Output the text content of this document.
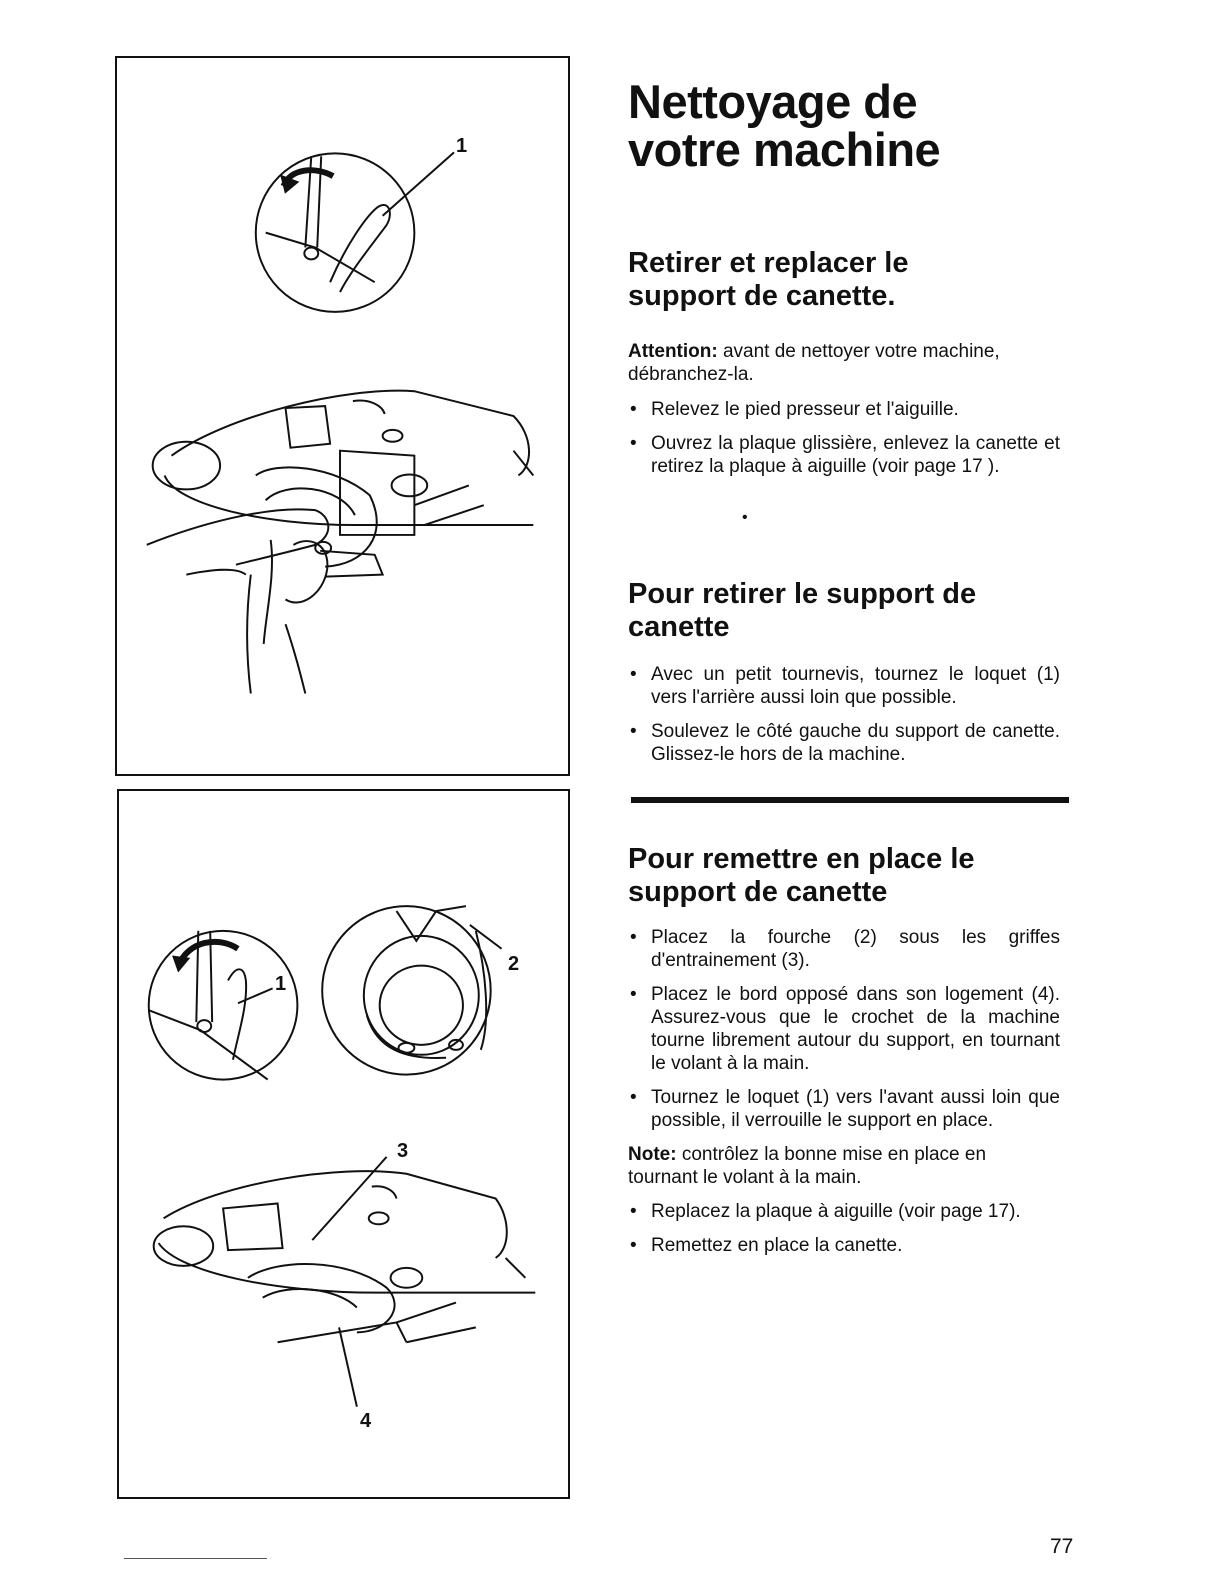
1
1
2
3
4
Nettoyage de
votre machine
Retirer et replacer le
support de canette.

Attention: avant de nettoyer votre machine, débranchez-la.

• Relevez le pied presseur et l'aiguille.
• Ouvrez la plaque glissière, enlevez la canette et retirez la plaque à aiguille (voir page 17 ).
•
Pour retirer le support de
canette
• Avec un petit tournevis, tournez le loquet (1) vers l'arrière aussi loin que possible.
• Soulevez le côté gauche du support de canette. Glissez-le hors de la machine.
Pour remettre en place le
support de canette
• Placez la fourche (2) sous les griffes d'entrainement (3).
• Placez le bord opposé dans son logement (4). Assurez-vous que le crochet de la machine tourne librement autour du support, en tournant le volant à la main.
• Tournez le loquet (1) vers l'avant aussi loin que possible, il verrouille le support en place.

Note: contrôlez la bonne mise en place en tournant le volant à la main.

• Replacez la plaque à aiguille (voir page 17).
• Remettez en place la canette.
77
